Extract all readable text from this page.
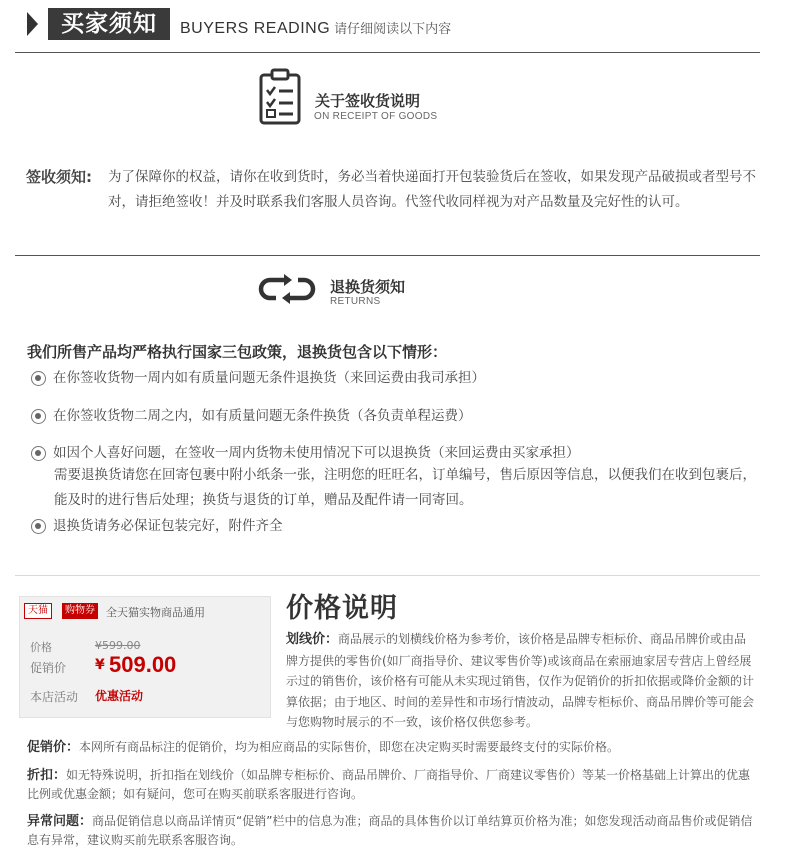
买家须知	BUYERS READING 请仔细阅读以下内容
关于签收货说明
ON RECEIPT OF GOODS
签收须知: 为了保障你的权益，请你在收到货时，务必当着快递面打开包装验货后在签收，如果发现产品破损或者型号不对，请拒绝签收！并及时联系我们客服人员咨询。代签代收同样视为对产品数量及完好性的认可。
退换货须知
RETURNS
我们所售产品均严格执行国家三包政策，退换货包含以下情形：
在你签收货物一周内如有质量问题无条件退换货（来回运费由我司承担）
在你签收货物二周之内，如有质量问题无条件换货（各负责单程运费）
如因个人喜好问题，在签收一周内货物未使用情况下可以退换货（来回运费由买家承担）
需要退换货请您在回寄包裹中附小纸条一张，注明您的旺旺名，订单编号，售后原因等信息，以便我们在收到包裹后，能及时的进行售后处理；换货与退货的订单，赠品及配件请一同寄回。
退换货请务必保证包装完好，附件齐全
天猫	购物券 全天猫实物商品通用
价格	¥599.00
促销价 ¥ 509.00
本店活动 优惠活动
价格说明
划线价：商品展示的划横线价格为参考价，该价格是品牌专柜标价、商品吊牌价或由品牌方提供的零售价(如厂商指导价、建议零售价等)或该商品在索丽迪家居专营店上曾经展示过的销售价，该价格有可能从未实现过销售，仅作为促销价的折扣依据或降价金额的计算依据；由于地区、时间的差异性和市场行情波动，品牌专柜标价、商品吊牌价等可能会与您购物时展示的不一致，该价格仅供您参考。
促销价：本网所有商品标注的促销价，均为相应商品的实际售价，即您在决定购买时需要最终支付的实际价格。
折扣：如无特殊说明，折扣指在划线价（如品牌专柜标价、商品吊牌价、厂商指导价、厂商建议零售价）等某一价格基础上计算出的优惠比例或优惠金额；如有疑问，您可在购买前联系客服进行咨询。
异常问题：商品促销信息以商品详情页“促销”栏中的信息为准；商品的具体售价以订单结算页价格为准；如您发现活动商品售价或促销信息有异常，建议购买前先联系客服咨询。
